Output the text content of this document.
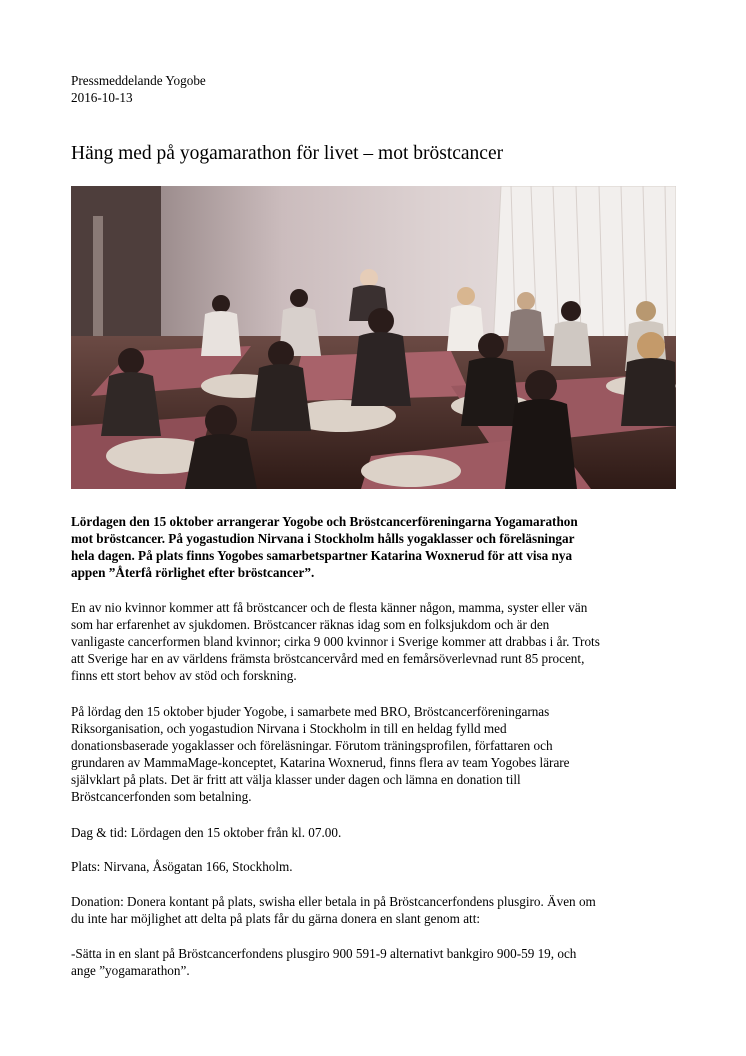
Pressmeddelande Yogobe
2016-10-13
Häng med på yogamarathon för livet – mot bröstcancer
Lördagen den 15 oktober arrangerar Yogobe och Bröstcancerföreningarna Yogamarathon
mot bröstcancer. På yogastudion Nirvana i Stockholm hålls yogaklasser och föreläsningar
hela dagen. På plats finns Yogobes samarbetspartner Katarina Woxnerud för att visa nya
appen ”Återfå rörlighet efter bröstcancer”.
En av nio kvinnor kommer att få bröstcancer och de flesta känner någon, mamma, syster eller vän
som har erfarenhet av sjukdomen. Bröstcancer räknas idag som en folksjukdom och är den
vanligaste cancerformen bland kvinnor; cirka 9 000 kvinnor i Sverige kommer att drabbas i år. Trots
att Sverige har en av världens främsta bröstcancervård med en femårsöverlevnad runt 85 procent,
finns ett stort behov av stöd och forskning.
På lördag den 15 oktober bjuder Yogobe, i samarbete med BRO, Bröstcancerföreningarnas
Riksorganisation, och yogastudion Nirvana i Stockholm in till en heldag fylld med
donationsbaserade yogaklasser och föreläsningar. Förutom träningsprofilen, författaren och
grundaren av MammaMage-konceptet, Katarina Woxnerud, finns flera av team Yogobes lärare
självklart på plats. Det är fritt att välja klasser under dagen och lämna en donation till
Bröstcancerfonden som betalning.
Dag & tid: Lördagen den 15 oktober från kl. 07.00.
Plats: Nirvana, Åsögatan 166, Stockholm.
Donation: Donera kontant på plats, swisha eller betala in på Bröstcancerfondens plusgiro. Även om
du inte har möjlighet att delta på plats får du gärna donera en slant genom att:
-Sätta in en slant på Bröstcancerfondens plusgiro 900 591-9 alternativt bankgiro 900-59 19, och
ange ”yogamarathon”.
